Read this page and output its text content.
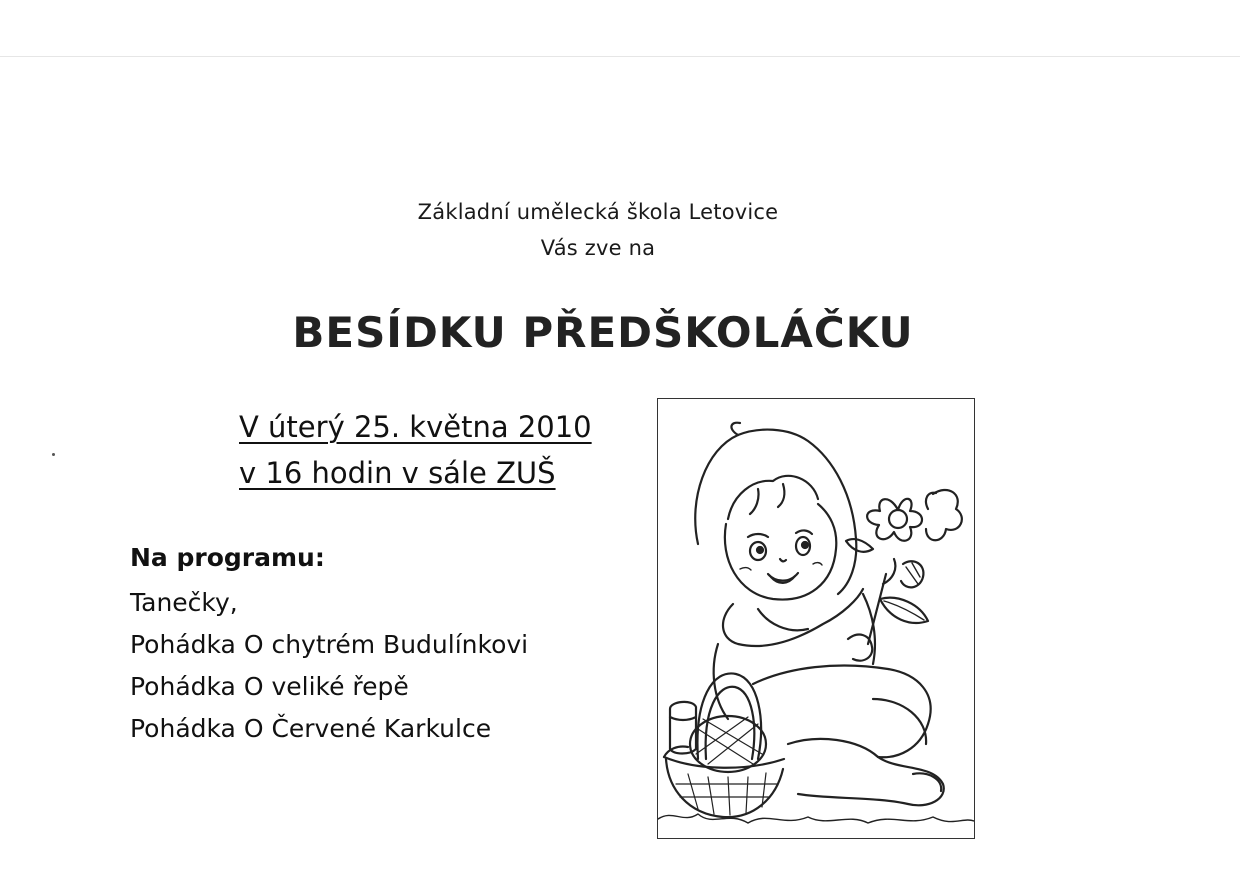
Základní umělecká škola Letovice
Vás zve na
BESÍDKU PŘEDŠKOLÁČKU
V úterý 25. května 2010
v 16 hodin v sále ZUŠ
Na programu:
Tanečky,
Pohádka O chytrém Budulínkovi
Pohádka O veliké řepě
Pohádka O Červené Karkulce
